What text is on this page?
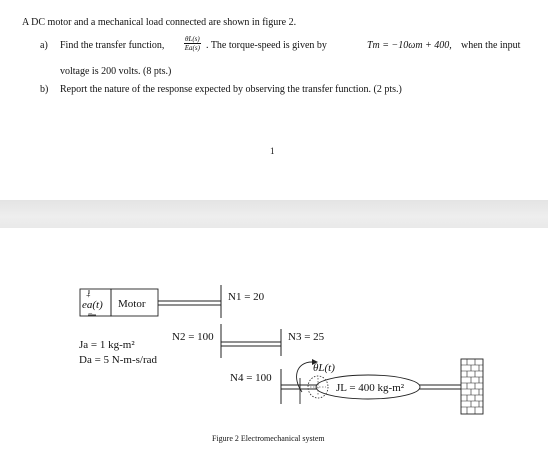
A DC motor and a mechanical load connected are shown in figure 2.
a) Find the transfer function,	$\frac{\theta L(s)}{Ea(s)}$ . The torque-speed is given by	Tm = −10ωm + 400, when the input
voltage is 200 volts. (8 pts.)
b) Report the nature of the response expected by observing the transfer function. (2 pts.)
1
+
ea(t)
−
Motor
N1 = 20
N2 = 100	N3 = 25
N4 = 100
Ja = 1 kg-m²
Da = 5 N-m-s/rad
JL = 400 kg-m²
θL(t)
Figure 2 Electromechanical system
